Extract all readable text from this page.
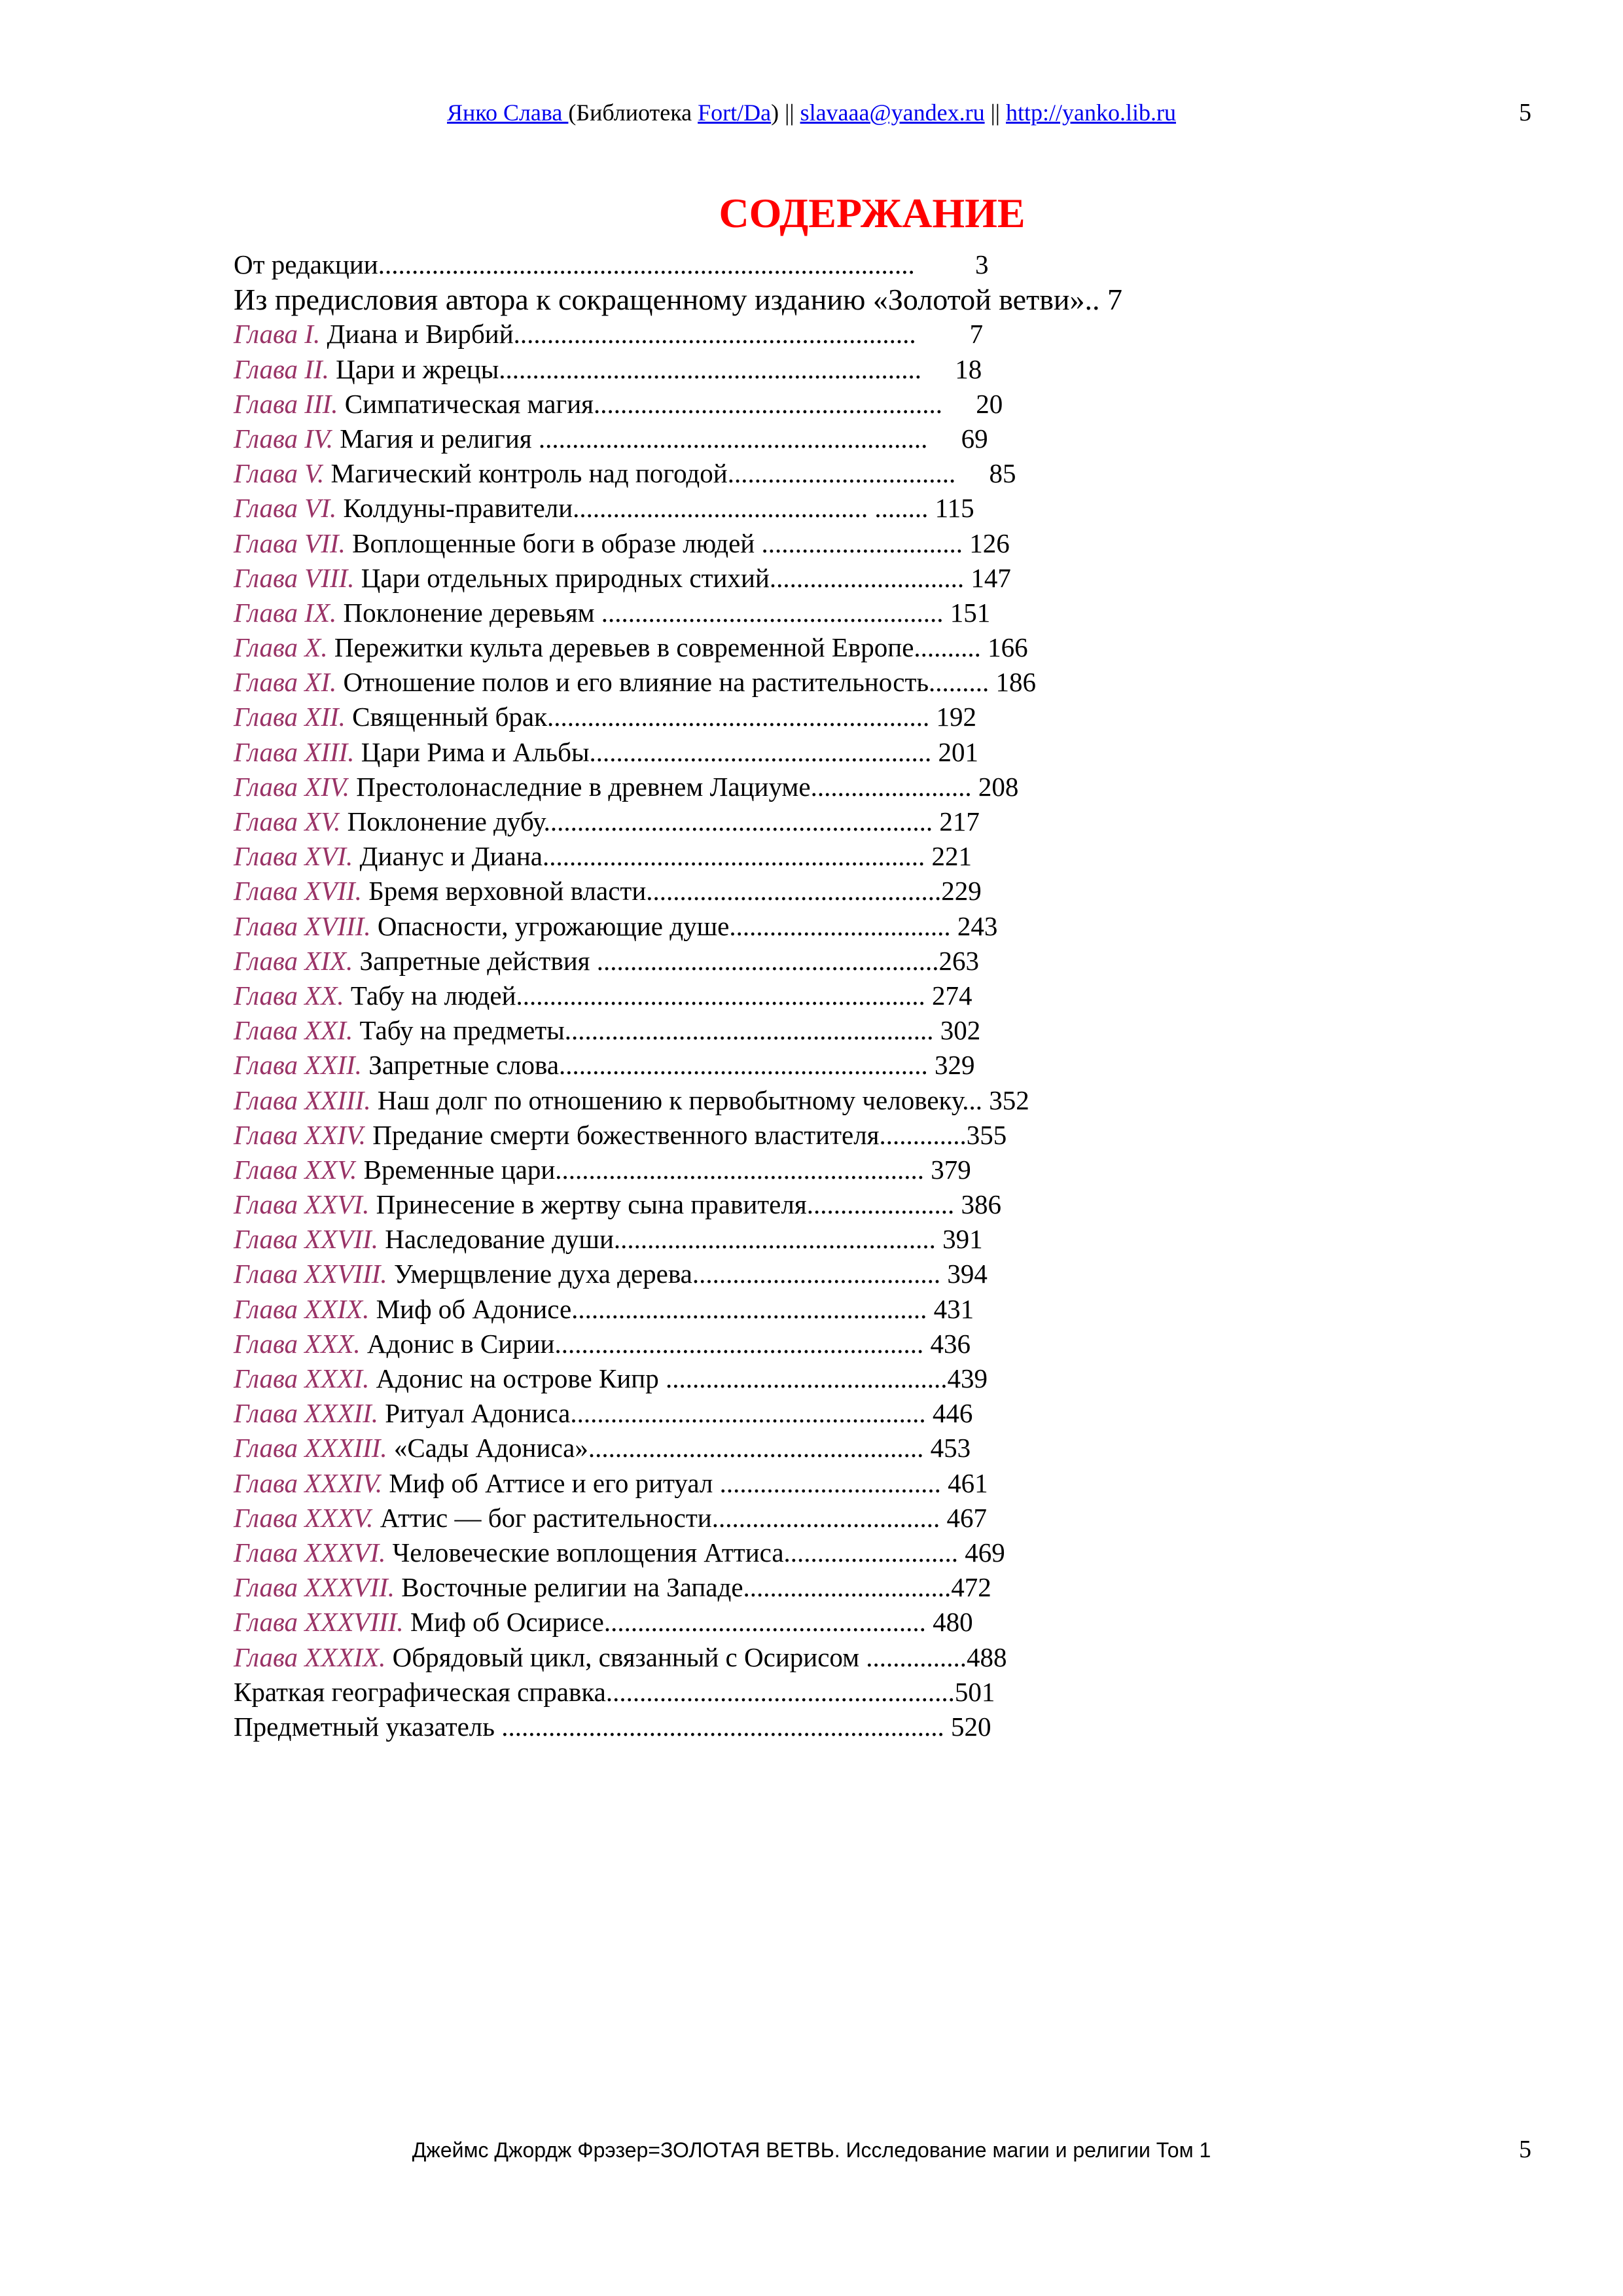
Янко Слава (Библиотека Fort/Da) || slavaaa@yandex.ru || http://yanko.lib.ru	5
СОДЕРЖАНИЕ
От редакции................................................................................         3
Из предисловия автора к сокращенному изданию «Золотой ветви».. 7
Глава I. Диана и Вирбий............................................................        7
Глава II. Цари и жрецы...............................................................     18
Глава III. Симпатическая магия....................................................     20
Глава IV. Магия и религия ..........................................................     69
Глава V. Магический контроль над погодой..................................     85
Глава VI. Колдуны-правители............................................ ........ 115
Глава VII. Воплощенные боги в образе людей .............................. 126
Глава VIII. Цари отдельных природных стихий............................. 147
Глава IX. Поклонение деревьям ................................................... 151
Глава X. Пережитки культа деревьев в современной Европе.......... 166
Глава XI. Отношение полов и его влияние на растительность......... 186
Глава XII. Священный брак......................................................... 192
Глава XIII. Цари Рима и Альбы................................................... 201
Глава XIV. Престолонаследние в древнем Лациуме........................ 208
Глава XV. Поклонение дубу.......................................................... 217
Глава XVI. Дианус и Диана......................................................... 221
Глава XVII. Бремя верховной власти............................................229
Глава XVIII. Опасности, угрожающие душе................................. 243
Глава XIX. Запретные действия ...................................................263
Глава XX. Табу на людей............................................................. 274
Глава XXI. Табу на предметы....................................................... 302
Глава XXII. Запретные слова....................................................... 329
Глава XXIII. Наш долг по отношению к первобытному человеку... 352
Глава XXIV. Предание смерти божественного властителя.............355
Глава XXV. Временные цари....................................................... 379
Глава XXVI. Принесение в жертву сына правителя...................... 386
Глава XXVII. Наследование души................................................ 391
Глава XXVIII. Умерщвление духа дерева..................................... 394
Глава XXIX. Миф об Адонисе..................................................... 431
Глава XXX. Адонис в Сирии....................................................... 436
Глава XXXI. Адонис на острове Кипр ..........................................439
Глава XXXII. Ритуал Адониса..................................................... 446
Глава XXXIII. «Сады Адониса».................................................. 453
Глава XXXIV. Миф об Аттисе и его ритуал ................................. 461
Глава XXXV. Аттис — бог растительности.................................. 467
Глава XXXVI. Человеческие воплощения Аттиса.......................... 469
Глава XXXVII. Восточные религии на Западе...............................472
Глава XXXVIII. Миф об Осирисе................................................ 480
Глава XXXIX. Обрядовый цикл, связанный с Осирисом ...............488
Краткая географическая справка....................................................501
Предметный указатель .................................................................. 520
Джеймс Джордж Фрэзер=ЗОЛОТАЯ ВЕТВЬ. Исследование магии и религии Том 1	5
